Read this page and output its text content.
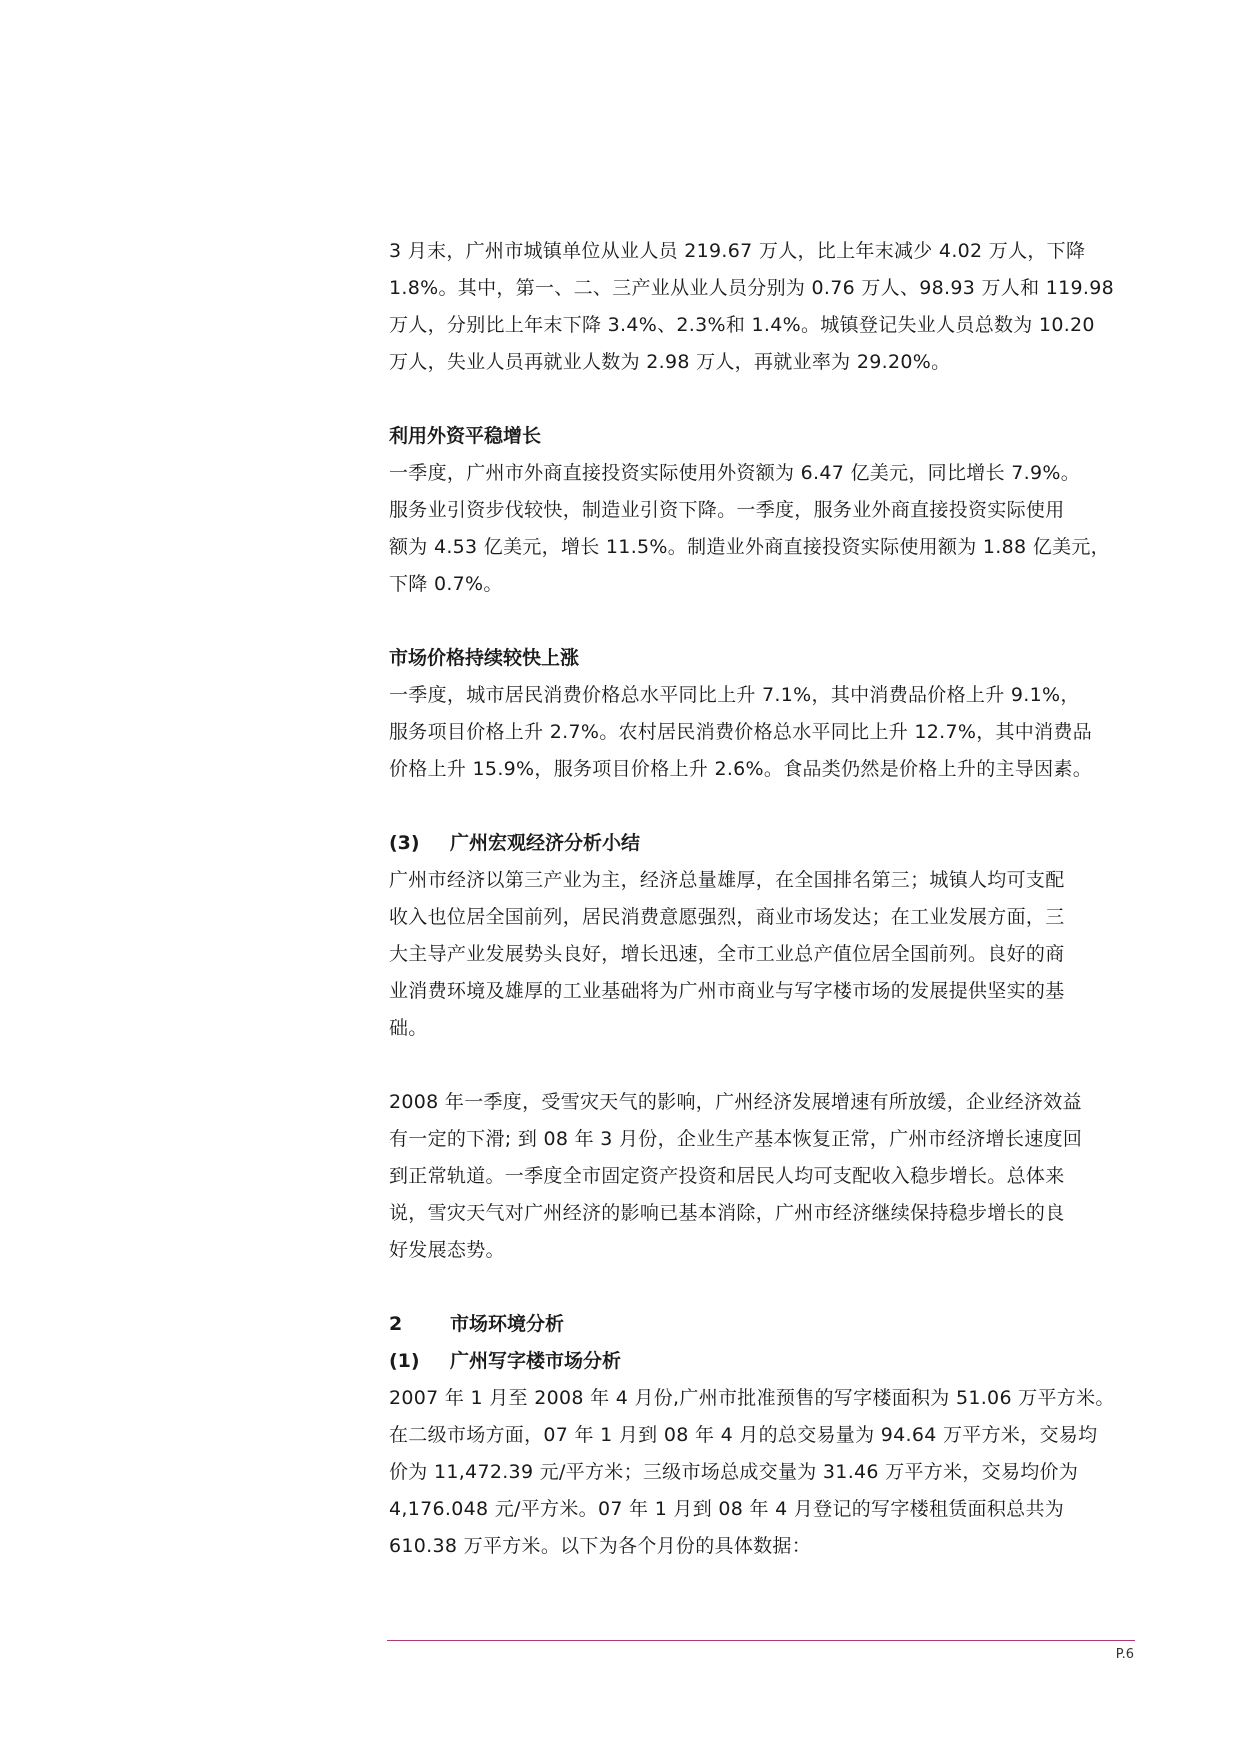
3 月末，广州市城镇单位从业人员 219.67 万人，比上年末减少 4.02 万人，下降

1.8%。其中，第一、二、三产业从业人员分别为 0.76 万人、98.93 万人和 119.98

万人，分别比上年末下降 3.4%、2.3%和 1.4%。城镇登记失业人员总数为 10.20

万人，失业人员再就业人数为 2.98 万人，再就业率为 29.20%。

利用外资平稳增长

一季度，广州市外商直接投资实际使用外资额为 6.47 亿美元，同比增长 7.9%。

服务业引资步伐较快，制造业引资下降。一季度，服务业外商直接投资实际使用

额为 4.53 亿美元，增长 11.5%。制造业外商直接投资实际使用额为 1.88 亿美元，

下降 0.7%。

市场价格持续较快上涨

一季度，城市居民消费价格总水平同比上升 7.1%，其中消费品价格上升 9.1%，

服务项目价格上升 2.7%。农村居民消费价格总水平同比上升 12.7%，其中消费品

价格上升 15.9%，服务项目价格上升 2.6%。食品类仍然是价格上升的主导因素。

(3)	广州宏观经济分析小结

广州市经济以第三产业为主，经济总量雄厚，在全国排名第三；城镇人均可支配

收入也位居全国前列，居民消费意愿强烈，商业市场发达；在工业发展方面，三

大主导产业发展势头良好，增长迅速，全市工业总产值位居全国前列。良好的商

业消费环境及雄厚的工业基础将为广州市商业与写字楼市场的发展提供坚实的基

础。

2008 年一季度，受雪灾天气的影响，广州经济发展增速有所放缓，企业经济效益

有一定的下滑; 到 08 年 3 月份，企业生产基本恢复正常，广州市经济增长速度回

到正常轨道。一季度全市固定资产投资和居民人均可支配收入稳步增长。总体来

说，雪灾天气对广州经济的影响已基本消除，广州市经济继续保持稳步增长的良

好发展态势。

2	市场环境分析
(1)	广州写字楼市场分析

2007 年 1 月至 2008 年 4 月份,广州市批准预售的写字楼面积为 51.06 万平方米。

在二级市场方面，07 年 1 月到 08 年 4 月的总交易量为 94.64 万平方米，交易均

价为 11,472.39 元/平方米；三级市场总成交量为 31.46 万平方米，交易均价为

4,176.048 元/平方米。07 年 1 月到 08 年 4 月登记的写字楼租赁面积总共为

610.38 万平方米。以下为各个月份的具体数据：

P.6
